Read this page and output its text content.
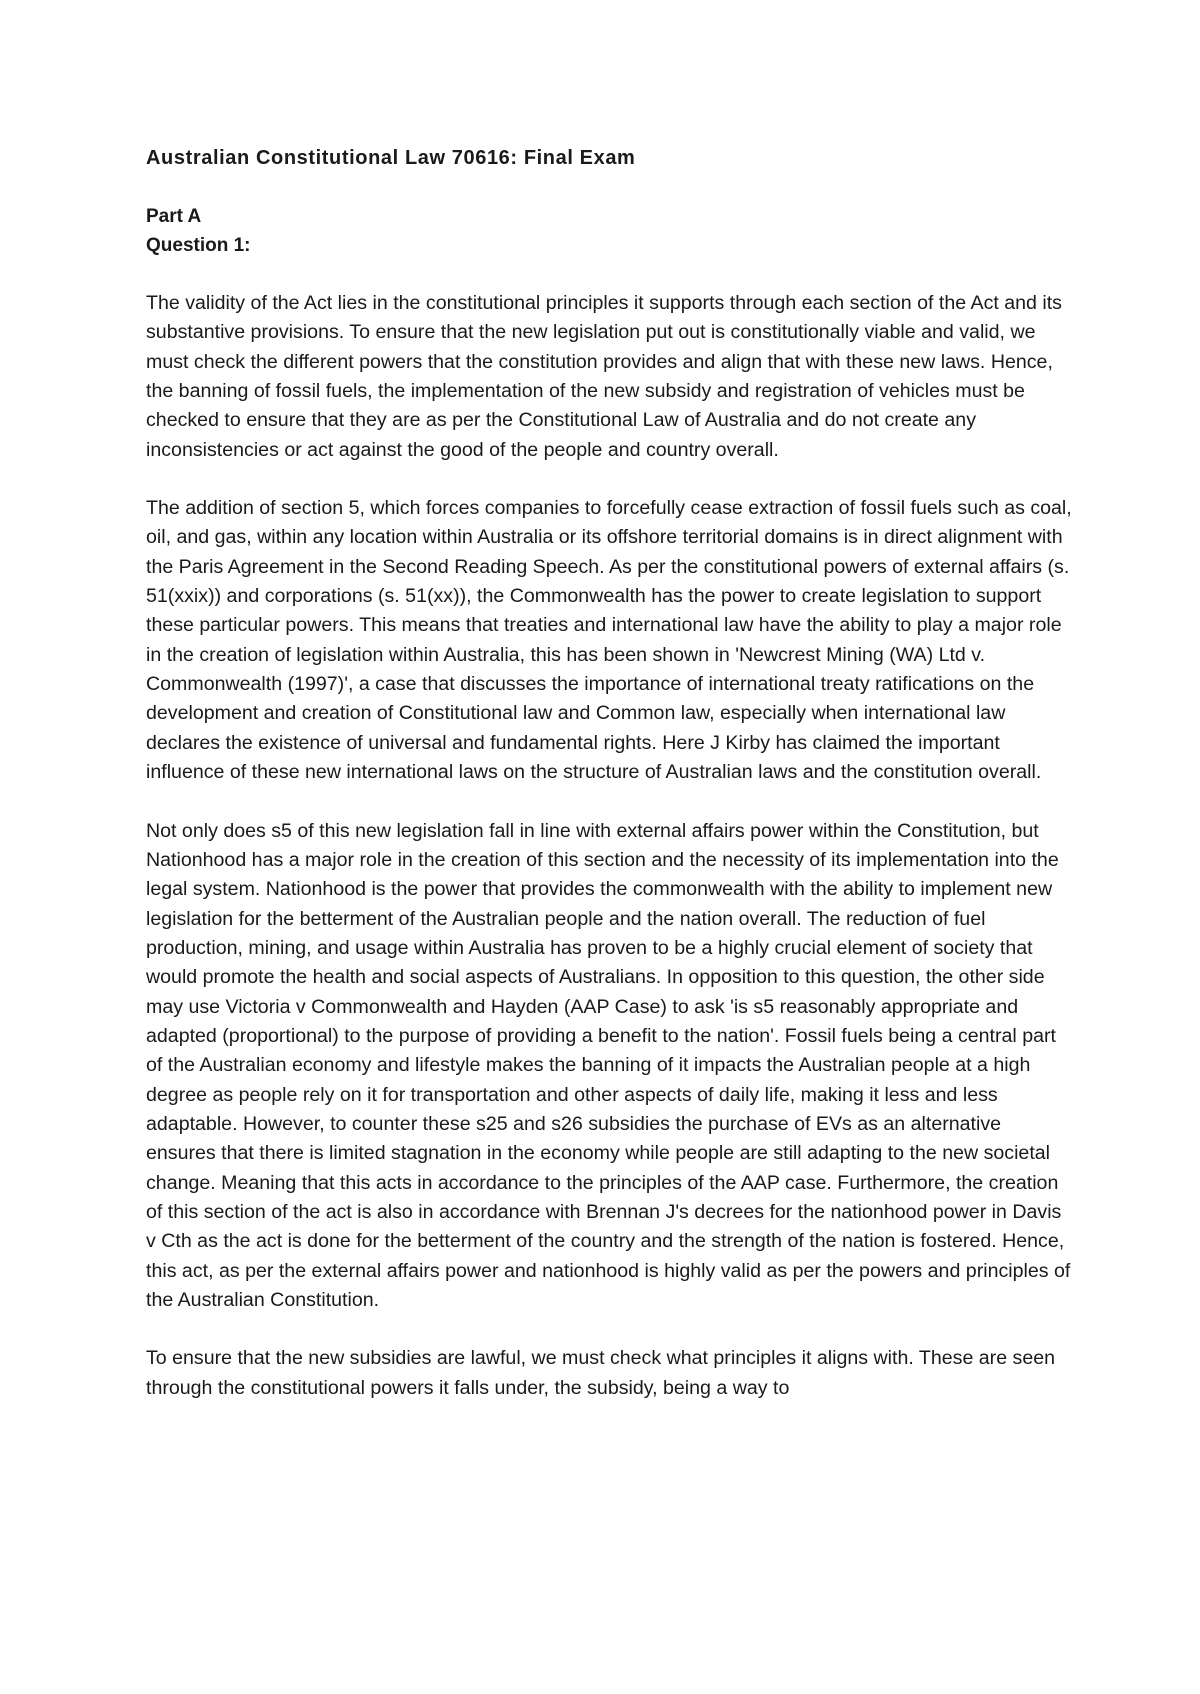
Australian Constitutional Law 70616: Final Exam
Part A
Question 1:

The validity of the Act lies in the constitutional principles it supports through each section of the Act and its substantive provisions. To ensure that the new legislation put out is constitutionally viable and valid, we must check the different powers that the constitution provides and align that with these new laws. Hence, the banning of fossil fuels, the implementation of the new subsidy and registration of vehicles must be checked to ensure that they are as per the Constitutional Law of Australia and do not create any inconsistencies or act against the good of the people and country overall.

The addition of section 5, which forces companies to forcefully cease extraction of fossil fuels such as coal, oil, and gas, within any location within Australia or its offshore territorial domains is in direct alignment with the Paris Agreement in the Second Reading Speech. As per the constitutional powers of external affairs (s. 51(xxix)) and corporations (s. 51(xx)), the Commonwealth has the power to create legislation to support these particular powers. This means that treaties and international law have the ability to play a major role in the creation of legislation within Australia, this has been shown in 'Newcrest Mining (WA) Ltd v. Commonwealth (1997)', a case that discusses the importance of international treaty ratifications on the development and creation of Constitutional law and Common law, especially when international law declares the existence of universal and fundamental rights. Here J Kirby has claimed the important influence of these new international laws on the structure of Australian laws and the constitution overall.

Not only does s5 of this new legislation fall in line with external affairs power within the Constitution, but Nationhood has a major role in the creation of this section and the necessity of its implementation into the legal system. Nationhood is the power that provides the commonwealth with the ability to implement new legislation for the betterment of the Australian people and the nation overall. The reduction of fuel production, mining, and usage within Australia has proven to be a highly crucial element of society that would promote the health and social aspects of Australians. In opposition to this question, the other side may use Victoria v Commonwealth and Hayden (AAP Case) to ask 'is s5 reasonably appropriate and adapted (proportional) to the purpose of providing a benefit to the nation'. Fossil fuels being a central part of the Australian economy and lifestyle makes the banning of it impacts the Australian people at a high degree as people rely on it for transportation and other aspects of daily life, making it less and less adaptable. However, to counter these s25 and s26 subsidies the purchase of EVs as an alternative ensures that there is limited stagnation in the economy while people are still adapting to the new societal change. Meaning that this acts in accordance to the principles of the AAP case. Furthermore, the creation of this section of the act is also in accordance with Brennan J's decrees for the nationhood power in Davis v Cth as the act is done for the betterment of the country and the strength of the nation is fostered. Hence, this act, as per the external affairs power and nationhood is highly valid as per the powers and principles of the Australian Constitution.

To ensure that the new subsidies are lawful, we must check what principles it aligns with. These are seen through the constitutional powers it falls under, the subsidy, being a way to
